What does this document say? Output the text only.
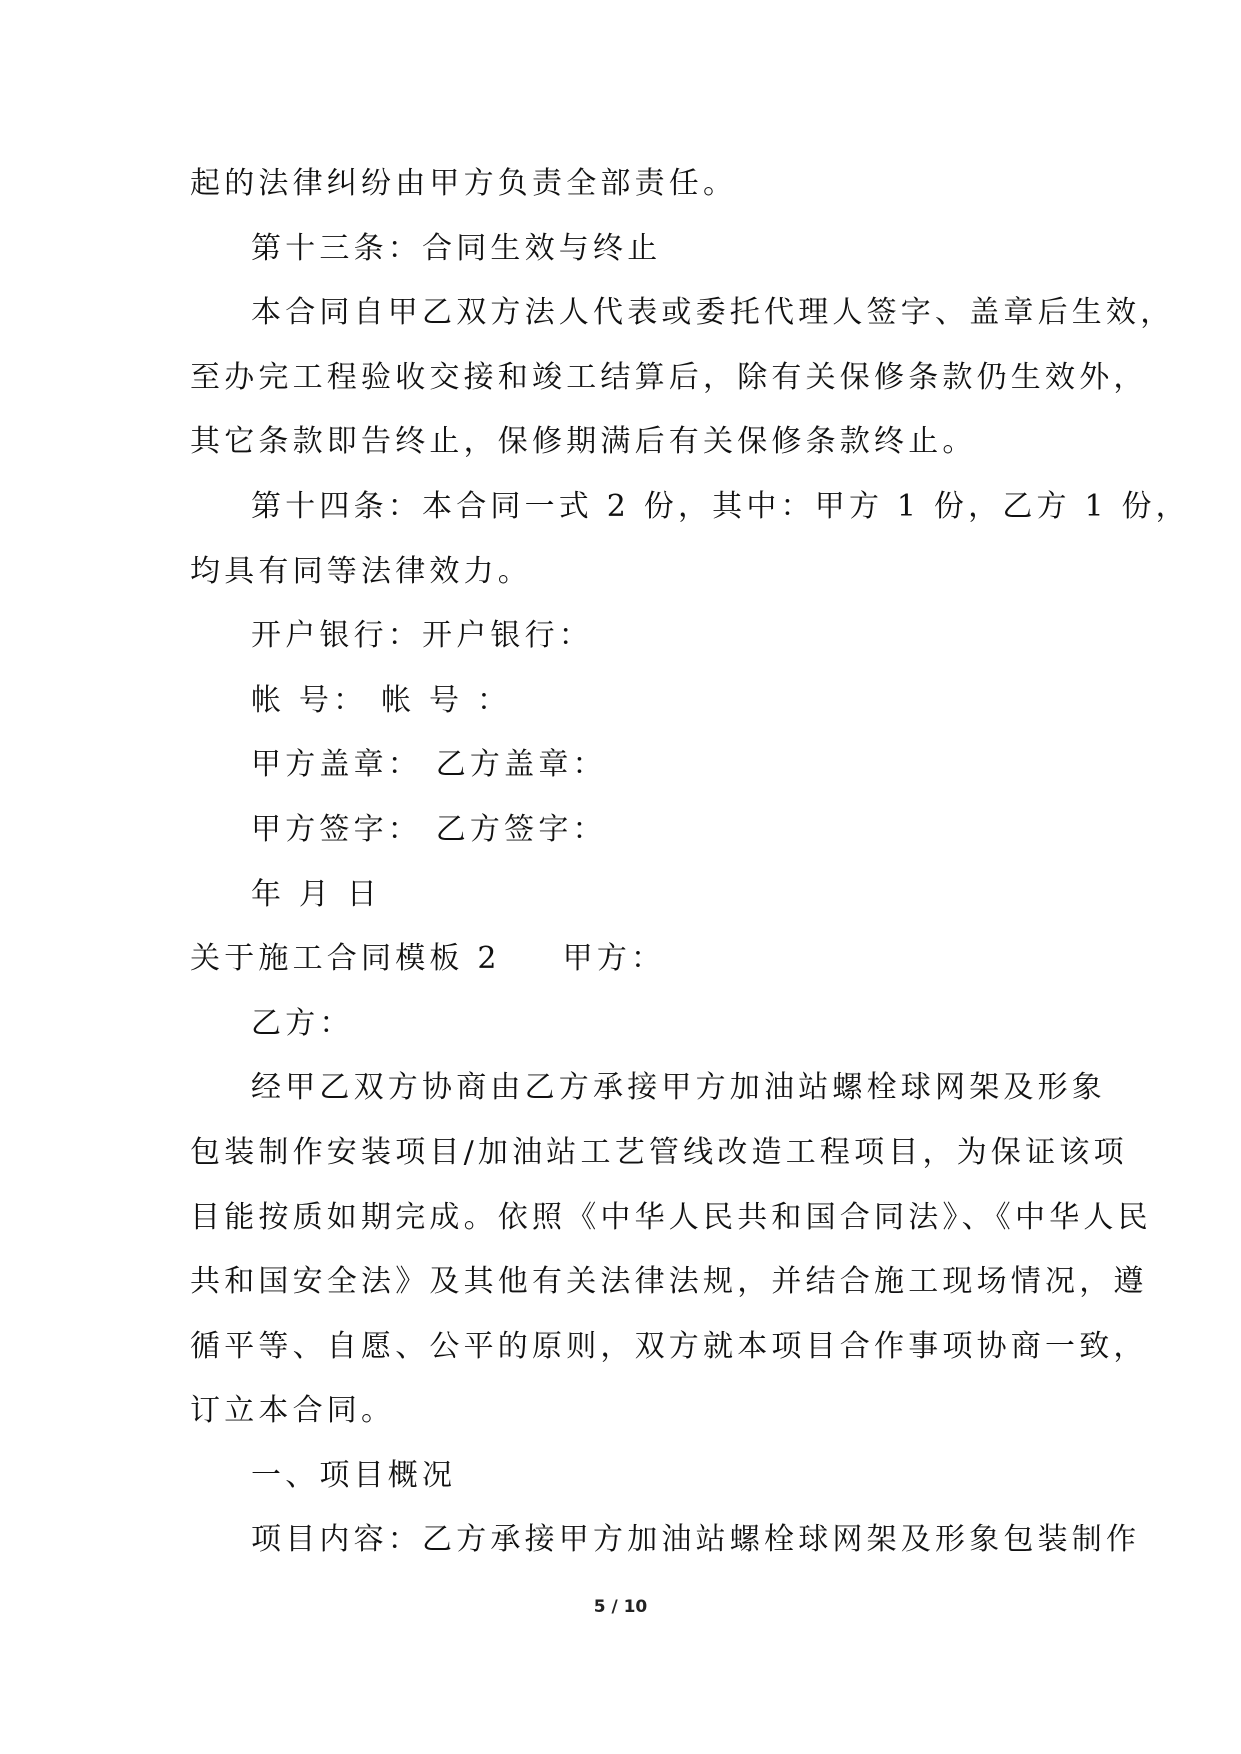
起的法律纠纷由甲方负责全部责任。
第十三条：合同生效与终止
本合同自甲乙双方法人代表或委托代理人签字、盖章后生效，
至办完工程验收交接和竣工结算后，除有关保修条款仍生效外，
其它条款即告终止，保修期满后有关保修条款终止。
第十四条：本合同一式 2 份，其中：甲方 1 份，乙方 1 份，
均具有同等法律效力。
开户银行：开户银行：
帐 号： 帐 号 ：
甲方盖章： 乙方盖章：
甲方签字： 乙方签字：
年 月 日
关于施工合同模板 2 甲方：
乙方：
经甲乙双方协商由乙方承接甲方加油站螺栓球网架及形象
包装制作安装项目/加油站工艺管线改造工程项目，为保证该项
目能按质如期完成。依照《中华人民共和国合同法》、《中华人民
共和国安全法》及其他有关法律法规，并结合施工现场情况，遵
循平等、自愿、公平的原则，双方就本项目合作事项协商一致，
订立本合同。
一、项目概况
项目内容：乙方承接甲方加油站螺栓球网架及形象包装制作
5 / 10
